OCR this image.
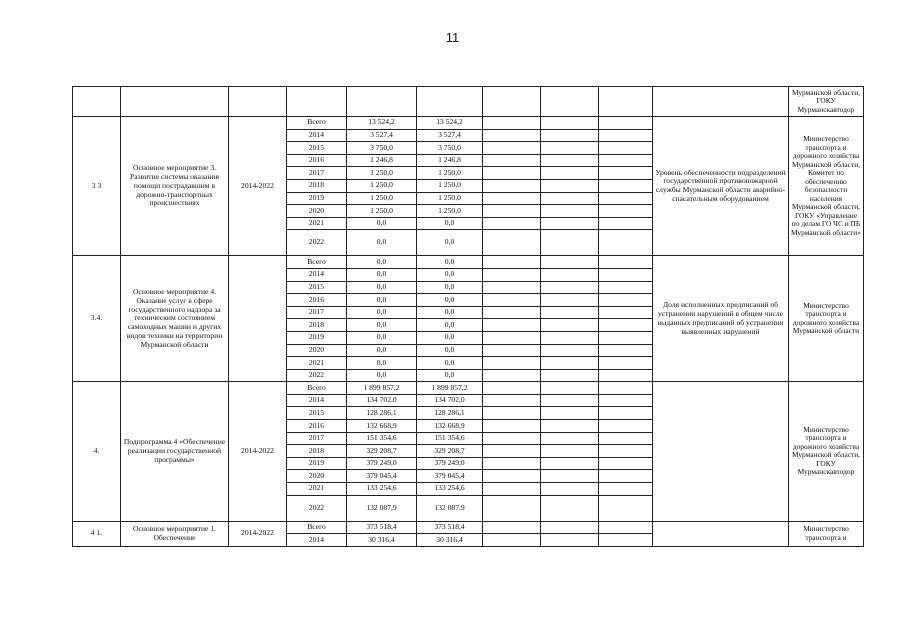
11
										Мурманской области, ГОКУ Мурманскавтодор
3 3	Основное мероприятие 3. Развитие системы оказания помощи пострадавшим в дорожно-транспортных происшествиях	2014-2022	Всего	13 524,2	13 524,2				Уровень обеспеченности подразделений государственной противопожарной службы Мурманской области аварийно-спасательным оборудованием	Министерство транспорта и дорожного хозяйства Мурманской области, Комитет по обеспечению безопасности населения Мурманской области, ГОКУ «Управление по делам ГО ЧС и ПБ Мурманской области»
			2014	3 527,4	3 527,4					
			2015	3 750,0	3 750,0					
			2016	1 246,8	1 246,8					
			2017	1 250,0	1 250,0					
			2018	1 250,0	1 250,0					
			2019	1 250,0	1 250,0					
			2020	1 250,0	1 250,0					
			2021	0,0	0,0					
			2022	0,0	0,0					
3.4.	Основное мероприятие 4. Оказание услуг в сфере государственного надзора за техническим состоянием самоходных машин и других видов техники на территории Мурманской области		Всего	0,0	0,0				Доля исполненных предписаний об устранении нарушений в общем числе выданных предписаний об устранении выявленных нарушений	Министерство транспорта и дорожного хозяйства Мурманской области
			2014	0,0	0,0					
			2015	0,0	0,0					
			2016	0,0	0,0					
			2017	0,0	0,0					
			2018	0,0	0,0					
			2019	0,0	0,0					
			2020	0,0	0,0					
			2021	0,0	0,0					
			2022	0,0	0,0					
4.	Подпрограмма 4 «Обеспечение реализации государственной программы»	2014-2022	Всего	1 899 857,2	1 899 857,2					Министерство транспорта и дорожного хозяйства Мурманской области, ГОКУ Мурманскавтодор
			2014	134 702,0	134 702,0					
			2015	128 286,1	128 286,1					
			2016	132 668,9	132 668,9					
			2017	151 354,6	151 354,6					
			2018	329 208,7	329 208,7					
			2019	379 249,0	379 249,0					
			2020	379 045,4	379 045,4					
			2021	133 254,6	133 254,6					
			2022	132 087,9	132 087,9					
4 1.	Основное мероприятие 1. Обеспечение	2014-2022	Всего	373 518,4	373 518,4					Министерство транспорта и
			2014	30 316,4	30 316,4					
